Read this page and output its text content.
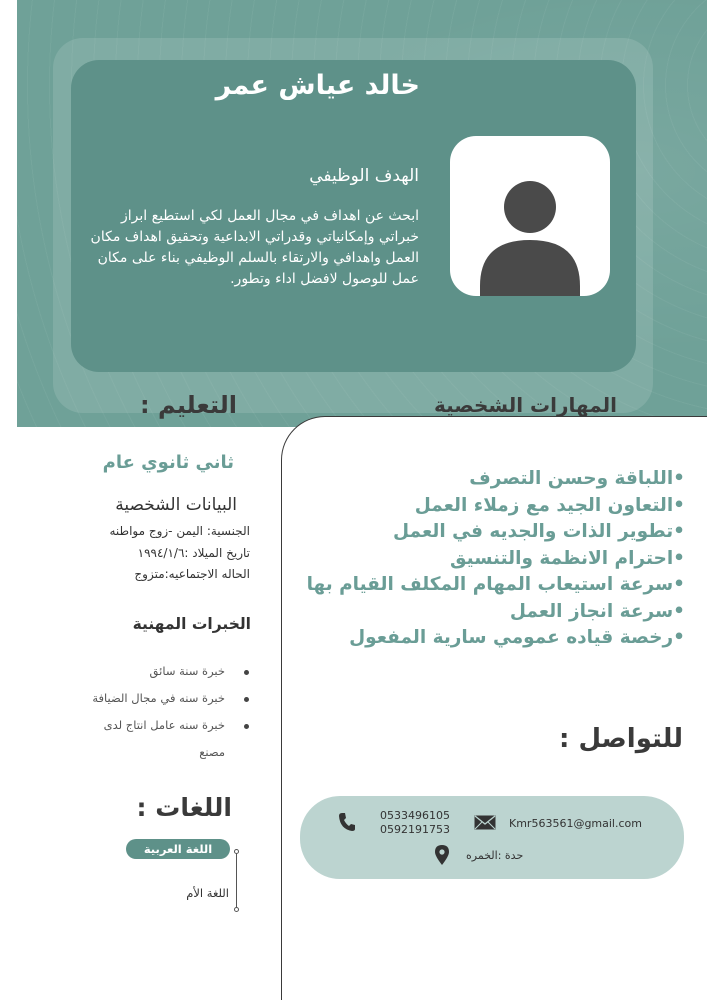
خالد عياش عمر
الهدف الوظيفي
ابحث عن اهداف في مجال العمل لكي استطيع ابراز خبراتي وإمكانياتي وقدراتي الابداعية وتحقيق اهداف مكان العمل واهدافي والارتقاء بالسلم الوظيفي بناء على مكان عمل للوصول لافضل اداء وتطور.
التعليم :	المهارات الشخصية
•اللباقة وحسن التصرف
•التعاون الجيد مع زملاء العمل
•تطوير الذات والجديه في العمل
•احترام الانظمة والتنسيق
•سرعة استيعاب المهام المكلف القيام بها
•سرعة انجاز العمل
•رخصة قياده عمومي سارية المفعول
للتواصل :
0533496105
0592191753	Kmr563561@gmail.com
حدة :الخمره
ثاني ثانوي عام
البيانات الشخصية
الجنسية: اليمن -زوج مواطنه
تاريخ الميلاد :١٩٩٤/١/٦
الحاله الاجتماعيه:متزوج
الخبرات المهنية
خبرة سنة سائق
خبرة سنه في مجال الضيافة
خبرة سنه عامل انتاج لدى مصنع
اللغات :
اللغة العربية
اللغة الأم
